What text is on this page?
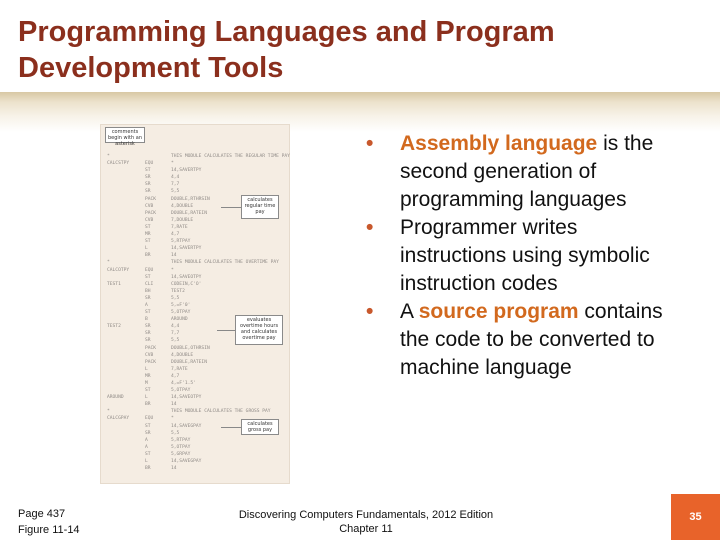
Programming Languages and Program
Development Tools
comments begin with an asterisk
calculates regular time pay
evaluates overtime hours and calculates overtime pay
calculates gross pay
*	THIS MODULE CALCULATES THE REGULAR TIME PAY
CALCSTPY	EQU	*
ST	14,SAVERTPY
SR	4,4
SR	7,7
SR	5,5
PACK	DOUBLE,RTHRSIN
CVB	4,DOUBLE
PACK	DOUBLE,RATEIN
CVB	7,DOUBLE
ST	7,RATE
MR	4,7
ST	5,RTPAY
L	14,SAVERTPY
BR	14
*	THIS MODULE CALCULATES THE OVERTIME PAY
CALCOTPY	EQU	*
ST	14,SAVEOTPY
TEST1	CLI	CODEIN,C'O'
BH	TEST2
SR	5,5
A	5,=F'0'
ST	5,OTPAY
B	AROUND
TEST2	SR	4,4
SR	7,7
SR	5,5
PACK	DOUBLE,OTHRSIN
CVB	4,DOUBLE
PACK	DOUBLE,RATEIN
L	7,RATE
MR	4,7
M	4,=F'1.5'
ST	5,OTPAY
AROUND	L	14,SAVEOTPY
BR	14
*	THIS MODULE CALCULATES THE GROSS PAY
CALCGPAY	EQU	*
ST	14,SAVEGPAY
SR	5,5
A	5,RTPAY
A	5,OTPAY
ST	5,GRPAY
L	14,SAVEGPAY
BR	14
• Assembly language is the second generation of programming languages
• Programmer writes instructions using symbolic instruction codes
• A source program contains the code to be converted to machine language
Page 437
Figure 11-14
Discovering Computers Fundamentals, 2012 Edition
Chapter 11
35
